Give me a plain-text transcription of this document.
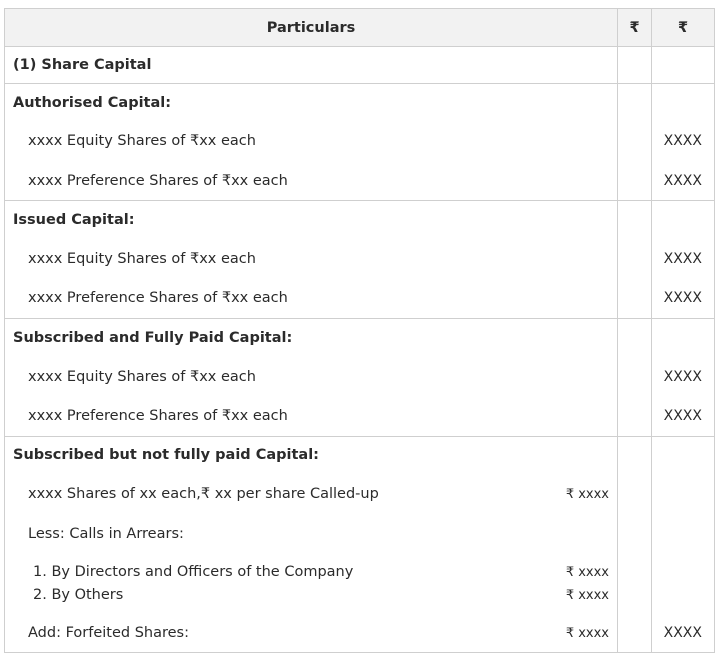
Particulars	₹	₹
(1) Share Capital		
Authorised Capital:		
xxxx Equity Shares of ₹xx each		XXXX
xxxx Preference Shares of ₹xx each		XXXX
Issued Capital:		
xxxx Equity Shares of ₹xx each		XXXX
xxxx Preference Shares of ₹xx each		XXXX
Subscribed and Fully Paid Capital:		
xxxx Equity Shares of ₹xx each		XXXX
xxxx Preference Shares of ₹xx each		XXXX
Subscribed but not fully paid Capital:		

xxxx Shares of xx each,₹ xx per share Called-up ₹ xxxx		

Less: Calls in Arrears:		

1. By Directors and Officers of the Company ₹ xxxx
2. By Others ₹ xxxx		

Add: Forfeited Shares: ₹ xxxx		XXXX
